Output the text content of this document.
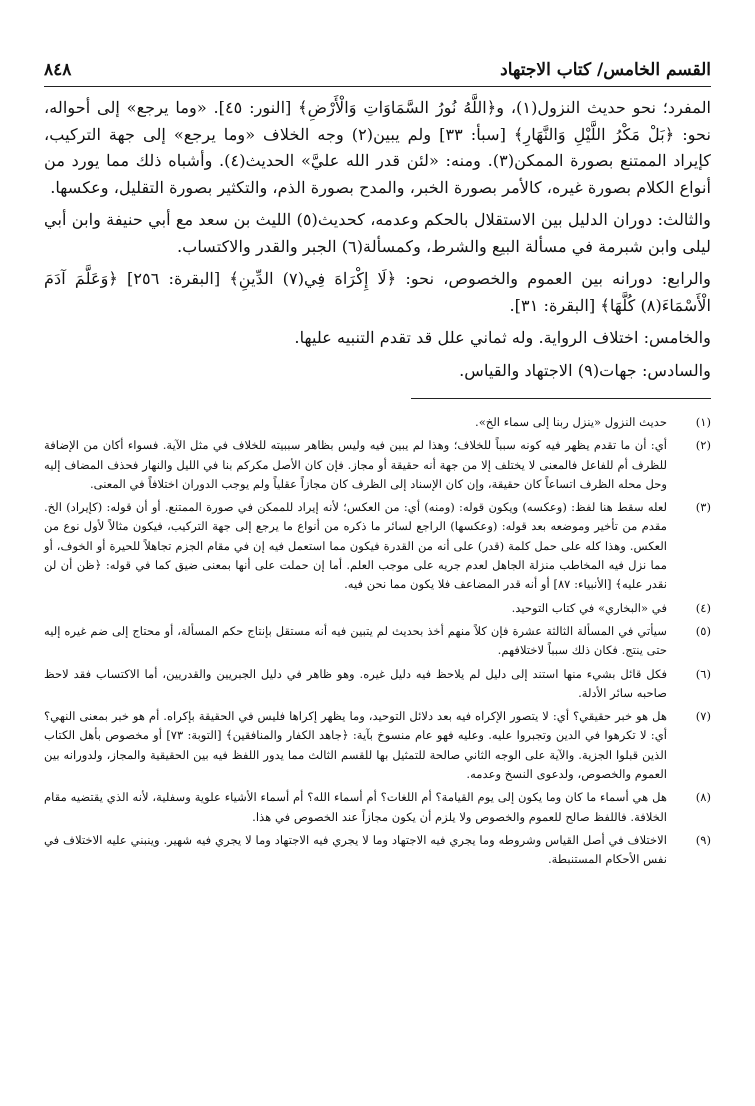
القسم الخامس/ كتاب الاجتهاد
٨٤٨

المفرد؛ نحو حديث النزول(١)، و﴿اللَّهُ نُورُ السَّمَاوَاتِ وَالْأَرْضِ﴾ [النور: ٤٥]. «وما يرجع» إلى أحواله، نحو: ﴿بَلْ مَكْرُ اللَّيْلِ وَالنَّهَارِ﴾ [سبأ: ٣٣] ولم يبين(٢) وجه الخلاف «وما يرجع» إلى جهة التركيب، كإيراد الممتنع بصورة الممكن(٣). ومنه: «لئن قدر الله عليَّ» الحديث(٤). وأشباه ذلك مما يورد من أنواع الكلام بصورة غيره، كالأمر بصورة الخبر، والمدح بصورة الذم، والتكثير بصورة التقليل، وعكسها.

والثالث: دوران الدليل بين الاستقلال بالحكم وعدمه، كحديث(٥) الليث بن سعد مع أبي حنيفة وابن أبي ليلى وابن شبرمة في مسألة البيع والشرط، وكمسألة(٦) الجبر والقدر والاكتساب.

والرابع: دورانه بين العموم والخصوص، نحو: ﴿لَا إِكْرَاهَ فِي(٧) الدِّينِ﴾ [البقرة: ٢٥٦] ﴿وَعَلَّمَ آدَمَ الْأَسْمَاءَ(٨) كُلَّهَا﴾ [البقرة: ٣١].

والخامس: اختلاف الرواية. وله ثماني علل قد تقدم التنبيه عليها.

والسادس: جهات(٩) الاجتهاد والقياس.

(١)
حديث النزول «ينزل ربنا إلى سماء الخ».
(٢)
أي: أن ما تقدم يظهر فيه كونه سبباً للخلاف؛ وهذا لم يبين فيه وليس بظاهر سببيته للخلاف في مثل الآية. فسواء أكان من الإضافة للظرف أم للفاعل فالمعنى لا يختلف إلا من جهة أنه حقيقة أو مجاز. فإن كان الأصل مكركم بنا في الليل والنهار فحذف المضاف إليه وحل محله الظرف اتساعاً كان حقيقة، وإن كان الإسناد إلى الظرف كان مجازاً عقلياً ولم يوجب الدوران اختلافاً في المعنى.
(٣)
لعله سقط هنا لفظ: (وعكسه) ويكون قوله: (ومنه) أي: من العكس؛ لأنه إيراد للممكن في صورة الممتنع. أو أن قوله: (كإيراد) الخ. مقدم من تأخير وموضعه بعد قوله: (وعكسها) الراجع لسائر ما ذكره من أنواع ما يرجع إلى جهة التركيب، فيكون مثالاً لأول نوع من العكس. وهذا كله على حمل كلمة (قدر) على أنه من القدرة فيكون مما استعمل فيه إن في مقام الجزم تجاهلاً للحيرة أو الخوف، أو مما نزل فيه المخاطب منزلة الجاهل لعدم جريه على موجب العلم. أما إن حملت على أنها بمعنى ضيق كما في قوله: ﴿ظن أن لن نقدر عليه﴾ [الأنبياء: ٨٧] أو أنه قدر المضاعف فلا يكون مما نحن فيه.
(٤)
في «البخاري» في كتاب التوحيد.
(٥)
سيأتي في المسألة الثالثة عشرة فإن كلاً منهم أخذ بحديث لم يتبين فيه أنه مستقل بإنتاج حكم المسألة، أو محتاج إلى ضم غيره إليه حتى ينتج. فكان ذلك سبباً لاختلافهم.
(٦)
فكل قائل بشيء منها استند إلى دليل لم يلاحظ فيه دليل غيره. وهو ظاهر في دليل الجبريين والقدريين، أما الاكتساب فقد لاحظ صاحبه سائر الأدلة.
(٧)
هل هو خبر حقيقي؟ أي: لا يتصور الإكراه فيه بعد دلائل التوحيد، وما يظهر إكراها فليس في الحقيقة بإكراه. أم هو خبر بمعنى النهي؟ أي: لا تكرهوا في الدين وتجبروا عليه. وعليه فهو عام منسوخ بآية: ﴿جاهد الكفار والمنافقين﴾ [التوبة: ٧٣] أو مخصوص بأهل الكتاب الذين قبلوا الجزية. والآية على الوجه الثاني صالحة للتمثيل بها للقسم الثالث مما يدور اللفظ فيه بين الحقيقية والمجاز، ولدورانه بين العموم والخصوص، ولدعوى النسخ وعدمه.
(٨)
هل هي أسماء ما كان وما يكون إلى يوم القيامة؟ أم اللغات؟ أم أسماء الله؟ أم أسماء الأشياء علوية وسفلية، لأنه الذي يقتضيه مقام الخلافة. فاللفظ صالح للعموم والخصوص ولا يلزم أن يكون مجازاً عند الخصوص في هذا.
(٩)
الاختلاف في أصل القياس وشروطه وما يجري فيه الاجتهاد وما لا يجري فيه الاجتهاد وما لا يجري فيه شهير. وينبني عليه الاختلاف في نفس الأحكام المستنبطة.
